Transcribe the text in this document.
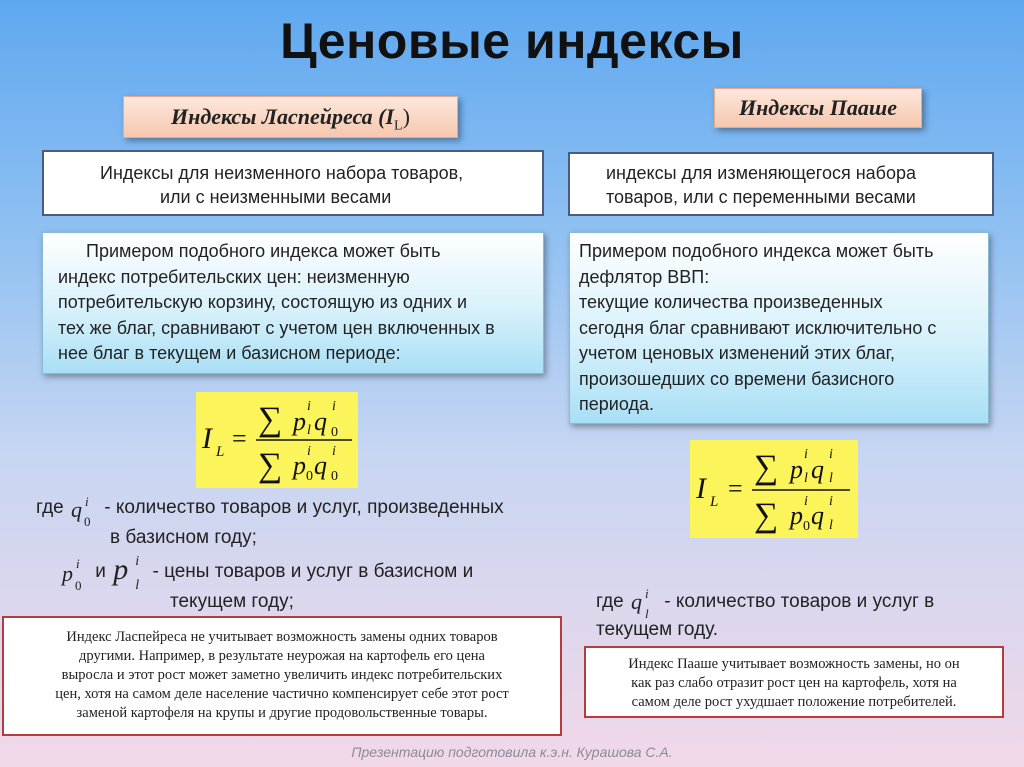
Ценовые индексы
Индексы Ласпейреса $(I_L)$	Индексы Пааше
Индексы для неизменного набора товаров,
или с неизменными весами
индексы для изменяющегося набора
товаров, или с переменными весами
Примером подобного индекса может быть
индекс потребительских цен: неизменную
потребительскую корзину, состоящую из одних и
тех же благ, сравнивают с учетом цен включенных в
нее благ в текущем и базисном периоде:
Примером подобного индекса может быть
дефлятор ВВП:
текущие количества произведенных
сегодня благ сравнивают исключительно с
учетом ценовых изменений этих благ,
произошедших со времени базисного
периода.
I L =
∑ p
i
l q
i
0
∑ p i
0 q i
0	I L =
∑ p
i
l q
i
l
∑ p i
0 q i
l
где q i
0
- количество товаров и услуг, произведенных
в базисном году;
p i
0
и p i
l
- цены товаров и услуг в базисном и
текущем году;	где q i
l
- количество товаров и услуг в
текущем году.
Индекс Ласпейреса не учитывает возможность замены одних товаров
другими. Например, в результате неурожая на картофель его цена
выросла и этот рост может заметно увеличить индекс потребительских
цен, хотя на самом деле население частично компенсирует себе этот рост
заменой картофеля на крупы и другие продовольственные товары.
Индекс Пааше учитывает возможность замены, но он
как раз слабо отразит рост цен на картофель, хотя на
самом деле рост ухудшает положение потребителей.
Презентацию подготовила к.э.н. Курашова С.А.
